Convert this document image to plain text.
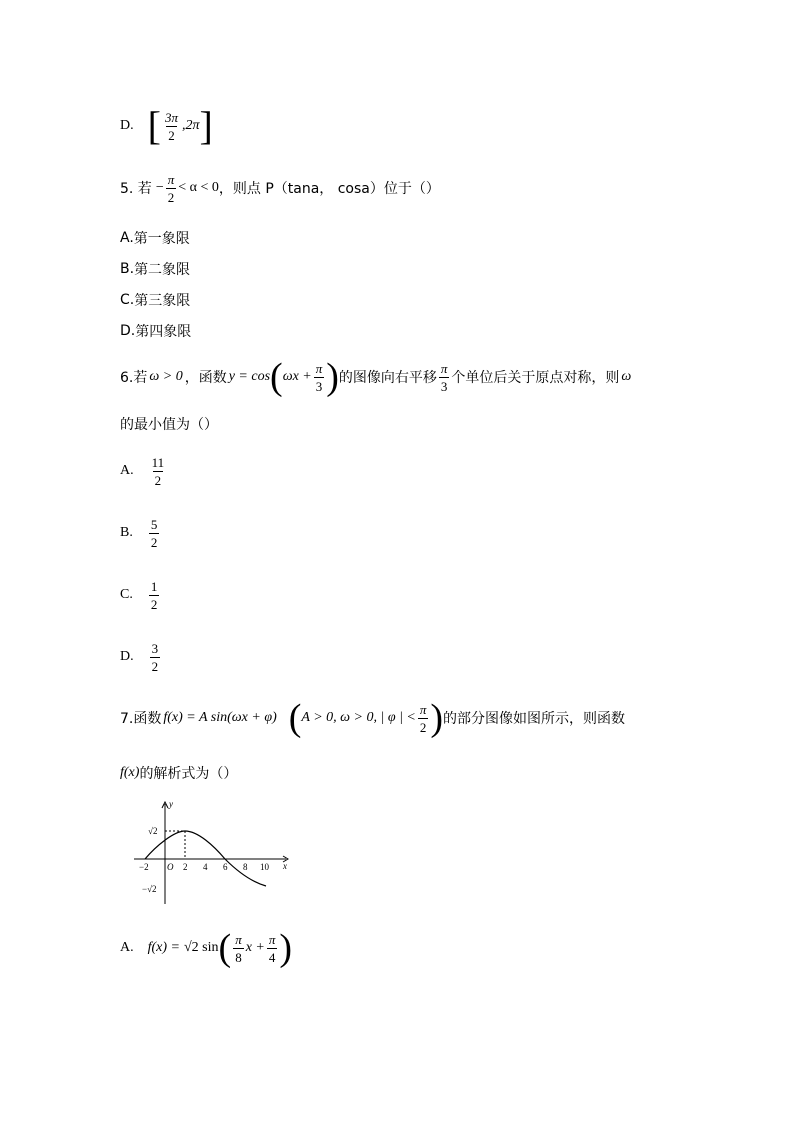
D. [ $\frac{3\pi}{2} ,2\pi$ ]
5. 若 − $\frac{\pi}{2} < \alpha < 0$ ，则点 P（tana， cosa）位于（）
A. 第一象限
B. 第二象限
C. 第三象限
D. 第四象限
6.若 ω > 0 ，函数 y = cos ( $\omega x + \frac{\pi}{3}$ ) 的图像向右平移 $\frac{\pi}{3}$ 个单位后关于原点对称，则 ω
的最小值为（）
A. $\frac{11}{2}$
B. $\frac{5}{2}$
C. $\frac{1}{2}$
D. $\frac{3}{2}$
7.函数 f(x) = A sin(ωx + φ) ( A > 0, ω > 0, | φ | < $\frac{\pi}{2}$ ) 的部分图像如图所示，则函数
f(x) 的解析式为（）
y
x
√2
−√2
O
−2	2 4 6 8 10
A. f(x) = √2 sin ( $\frac{\pi}{8}$ $x + \frac{\pi}{4}$ )
